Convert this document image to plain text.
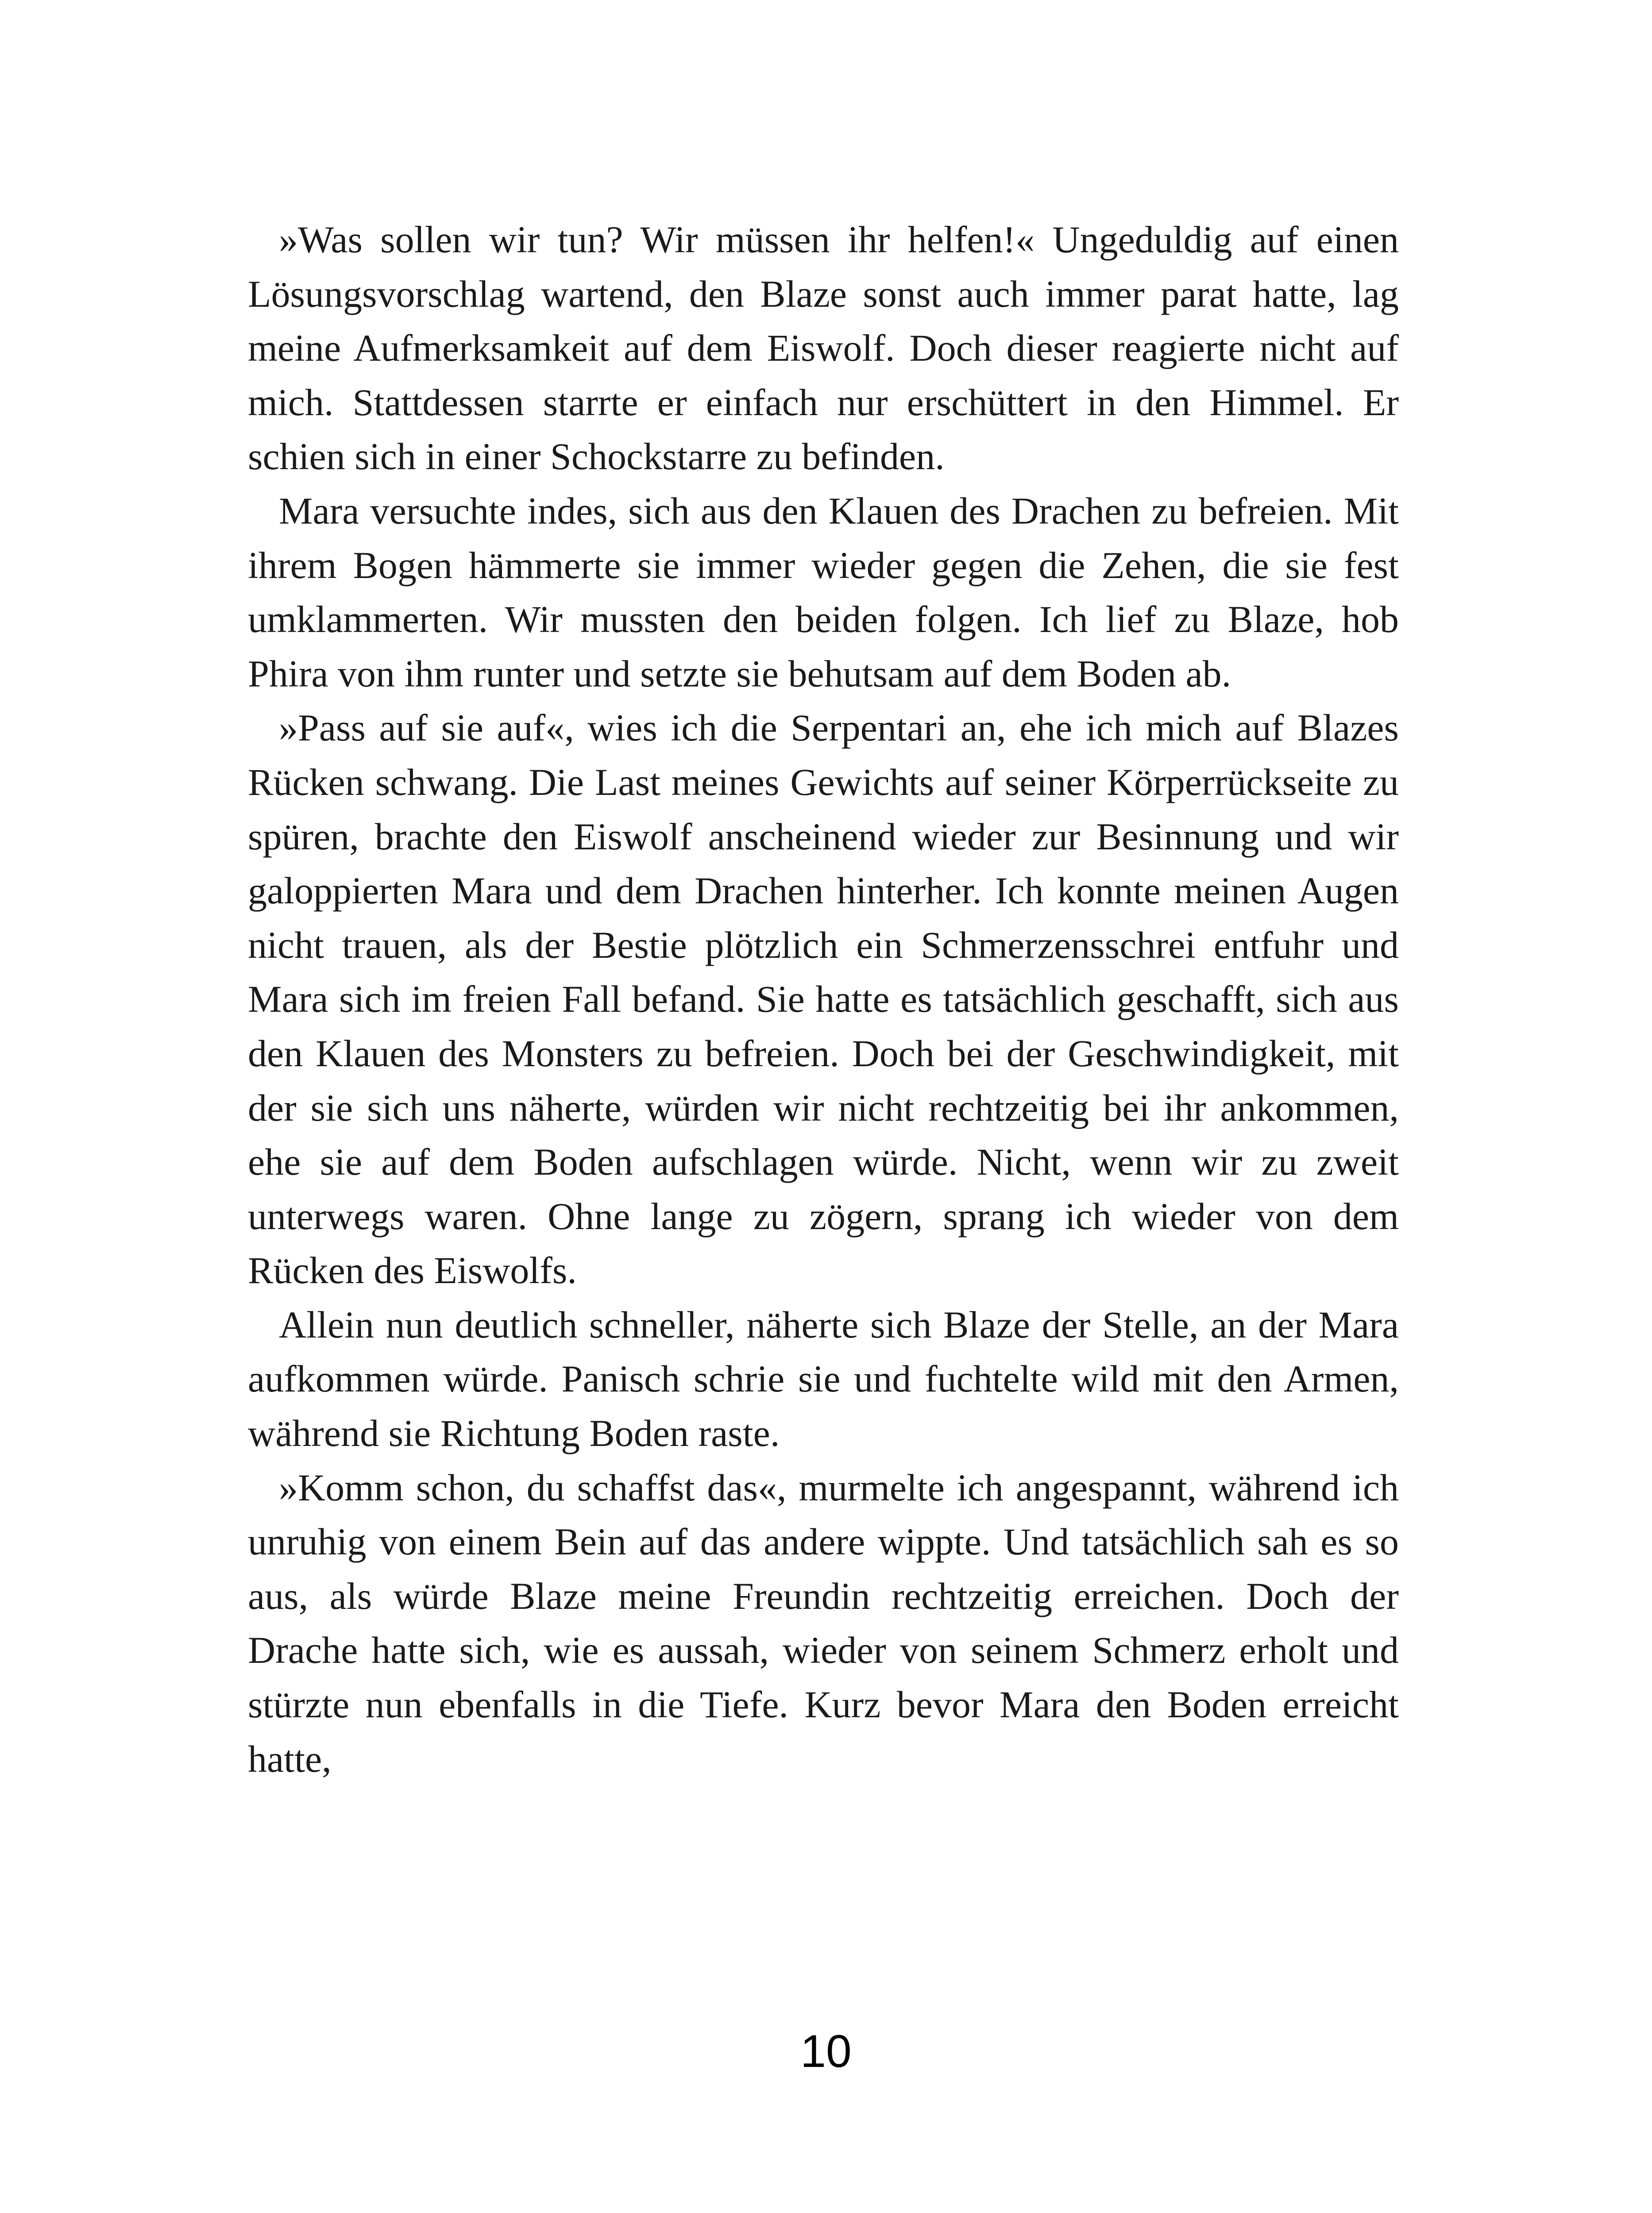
»Was sollen wir tun? Wir müssen ihr helfen!« Ungeduldig auf einen Lösungsvorschlag wartend, den Blaze sonst auch immer parat hatte, lag meine Aufmerksamkeit auf dem Eiswolf. Doch dieser reagierte nicht auf mich. Stattdessen starrte er einfach nur erschüttert in den Himmel. Er schien sich in einer Schockstarre zu befinden.

Mara versuchte indes, sich aus den Klauen des Drachen zu befreien. Mit ihrem Bogen hämmerte sie immer wieder gegen die Zehen, die sie fest umklammerten. Wir mussten den beiden folgen. Ich lief zu Blaze, hob Phira von ihm runter und setzte sie behutsam auf dem Boden ab.

»Pass auf sie auf«, wies ich die Serpentari an, ehe ich mich auf Blazes Rücken schwang. Die Last meines Gewichts auf seiner Körperrückseite zu spüren, brachte den Eiswolf anscheinend wieder zur Besinnung und wir galoppierten Mara und dem Drachen hinterher. Ich konnte meinen Augen nicht trauen, als der Bestie plötzlich ein Schmerzensschrei entfuhr und Mara sich im freien Fall befand. Sie hatte es tatsächlich geschafft, sich aus den Klauen des Monsters zu befreien. Doch bei der Geschwindigkeit, mit der sie sich uns näherte, würden wir nicht rechtzeitig bei ihr ankommen, ehe sie auf dem Boden aufschlagen würde. Nicht, wenn wir zu zweit unterwegs waren. Ohne lange zu zögern, sprang ich wieder von dem Rücken des Eiswolfs.

Allein nun deutlich schneller, näherte sich Blaze der Stelle, an der Mara aufkommen würde. Panisch schrie sie und fuchtelte wild mit den Armen, während sie Richtung Boden raste.

»Komm schon, du schaffst das«, murmelte ich angespannt, während ich unruhig von einem Bein auf das andere wippte. Und tatsächlich sah es so aus, als würde Blaze meine Freundin rechtzeitig erreichen. Doch der Drache hatte sich, wie es aussah, wieder von seinem Schmerz erholt und stürzte nun ebenfalls in die Tiefe. Kurz bevor Mara den Boden erreicht hatte,

10
